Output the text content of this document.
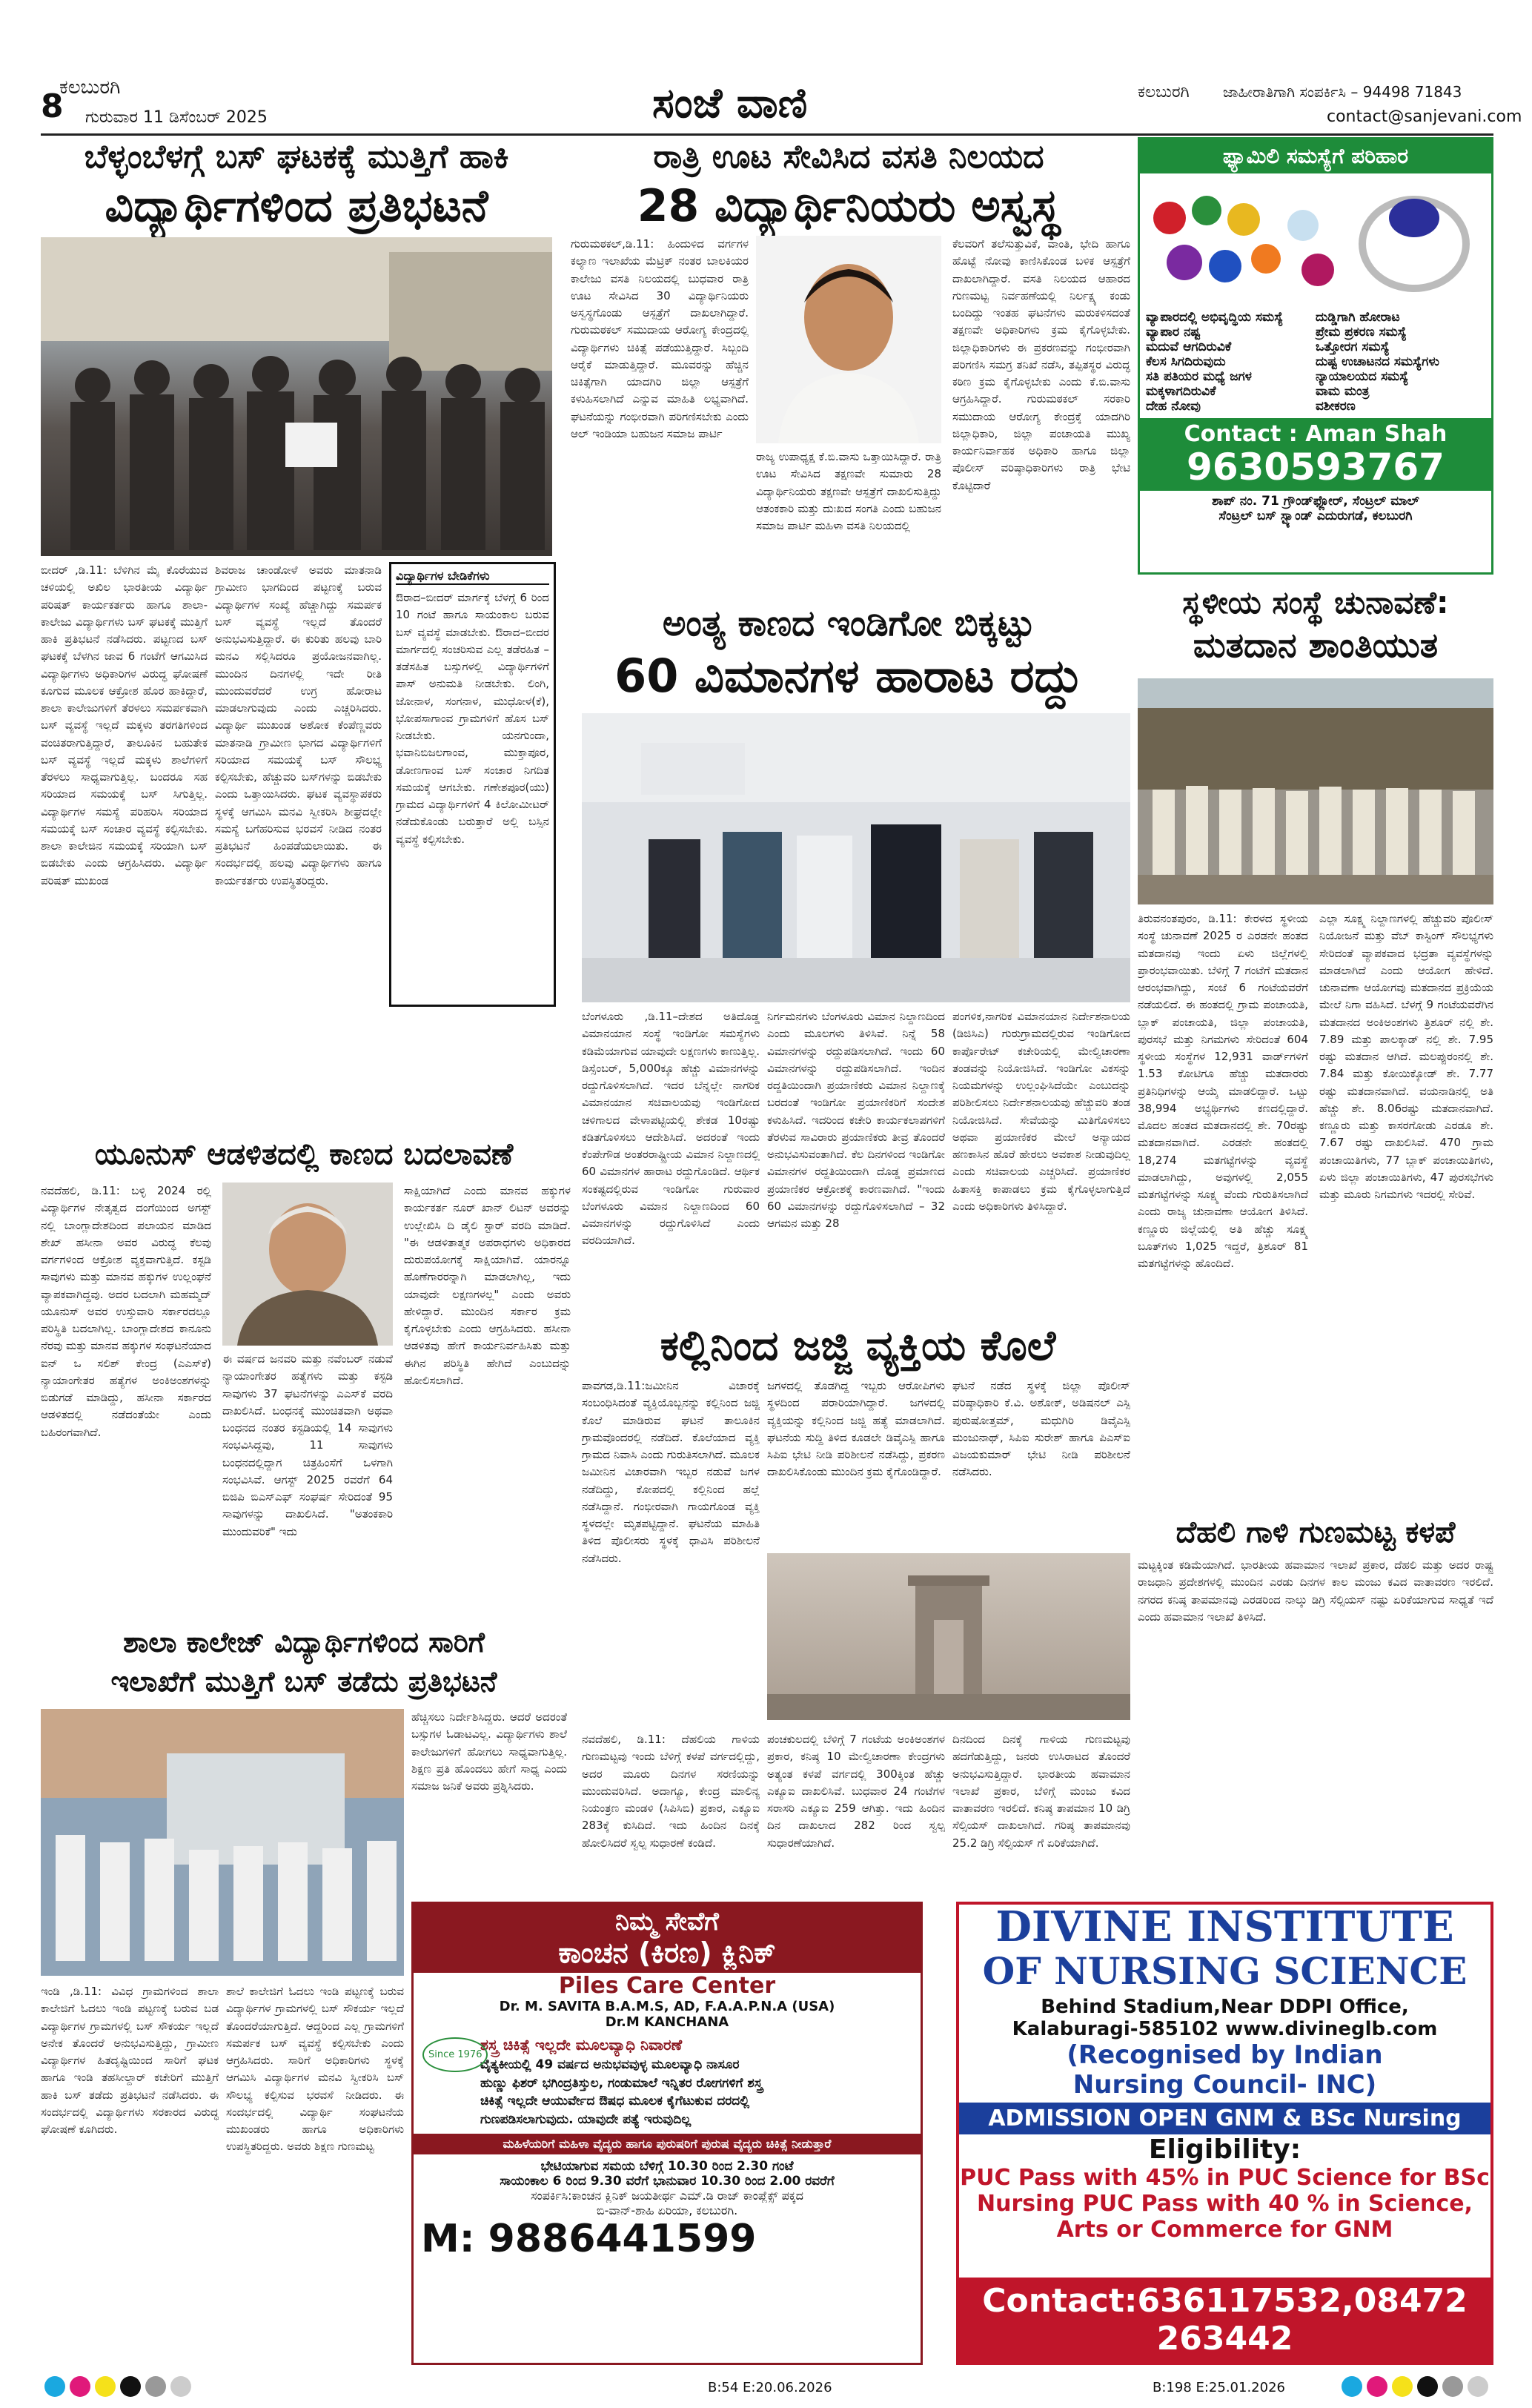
ಕಲಬುರಗಿ
8 ಗುರುವಾರ 11 ಡಿಸೆಂಬರ್ 2025	ಸಂಜೆ ವಾಣಿ	ಕಲಬುರಗಿ ಜಾಹೀರಾತಿಗಾಗಿ ಸಂಪರ್ಕಿಸಿ – 94498 71843
contact@sanjevani.com
ಬೆಳ್ಳಂಬೆಳಗ್ಗೆ ಬಸ್ ಘಟಕಕ್ಕೆ ಮುತ್ತಿಗೆ ಹಾಕಿ
ವಿದ್ಯಾರ್ಥಿಗಳಿಂದ ಪ್ರತಿಭಟನೆ
ಬೀದರ್ ,ಡಿ.11: ಬೆಳಿಗಿನ ಮೈ ಕೊರೆಯುವ ಚಳಿಯಲ್ಲಿ ಅಖಿಲ ಭಾರತೀಯ ವಿದ್ಯಾರ್ಥಿ ಪರಿಷತ್ ಕಾರ್ಯಕರ್ತರು ಹಾಗೂ ಶಾಲಾ- ಕಾಲೇಜು ವಿದ್ಯಾರ್ಥಿಗಳು ಬಸ್ ಘಟಕಕ್ಕೆ ಮುತ್ತಿಗೆ ಹಾಕಿ ಪ್ರತಿಭಟನೆ ನಡೆಸಿದರು. ಪಟ್ಟಣದ ಬಸ್ ಘಟಕಕ್ಕೆ ಬೆಳಗಿನ ಜಾವ 6 ಗಂಟೆಗೆ ಆಗಮಿಸಿದ ವಿದ್ಯಾರ್ಥಿಗಳು ಅಧಿಕಾರಿಗಳ ವಿರುದ್ಧ ಘೋಷಣೆ ಕೂಗುವ ಮೂಲಕ ಆಕ್ರೋಶ ಹೊರ ಹಾಕಿದ್ದಾರೆ, ಶಾಲಾ ಕಾಲೇಜುಗಳಿಗೆ ತೆರಳಲು ಸಮರ್ಪಕವಾಗಿ ಬಸ್ ವ್ಯವಸ್ಥೆ ಇಲ್ಲದೆ ಮಕ್ಕಳು ತರಗತಿಗಳಿಂದ ವಂಚಿತರಾಗುತ್ತಿದ್ದಾರೆ, ತಾಲೂಕಿನ ಬಹುತೇಕ ಬಸ್ ವ್ಯವಸ್ಥೆ ಇಲ್ಲದೆ ಮಕ್ಕಳು ಶಾಲೆಗಳಿಗೆ ತೆರಳಲು ಸಾಧ್ಯವಾಗುತ್ತಿಲ್ಲ. ಬಂದರೂ ಸಹ ಸರಿಯಾದ ಸಮಯಕ್ಕೆ ಬಸ್ ಸಿಗುತ್ತಿಲ್ಲ. ವಿದ್ಯಾರ್ಥಿಗಳ ಸಮಸ್ಯೆ ಪರಿಹರಿಸಿ ಸರಿಯಾದ ಸಮಯಕ್ಕೆ ಬಸ್ ಸಂಚಾರ ವ್ಯವಸ್ಥೆ ಕಲ್ಪಿಸಬೇಕು. ಶಾಲಾ ಕಾಲೇಜಿನ ಸಮಯಕ್ಕೆ ಸರಿಯಾಗಿ ಬಸ್ ಬಿಡಬೇಕು ಎಂದು ಆಗ್ರಹಿಸಿದರು. ವಿದ್ಯಾರ್ಥಿ ಪರಿಷತ್ ಮುಖಂಡ
ಶಿವರಾಜ ಚಾಂಡೋಳೆ ಅವರು ಮಾತನಾಡಿ ಗ್ರಾಮೀಣ ಭಾಗದಿಂದ ಪಟ್ಟಣಕ್ಕೆ ಬರುವ ವಿದ್ಯಾರ್ಥಿಗಳ ಸಂಖ್ಯೆ ಹೆಚ್ಚಾಗಿದ್ದು ಸಮರ್ಪಕ ಬಸ್ ವ್ಯವಸ್ಥೆ ಇಲ್ಲದೆ ತೊಂದರೆ ಅನುಭವಿಸುತ್ತಿದ್ದಾರೆ. ಈ ಕುರಿತು ಹಲವು ಬಾರಿ ಮನವಿ ಸಲ್ಲಿಸಿದರೂ ಪ್ರಯೋಜನವಾಗಿಲ್ಲ. ಮುಂದಿನ ದಿನಗಳಲ್ಲಿ ಇದೇ ರೀತಿ ಮುಂದುವರೆದರೆ ಉಗ್ರ ಹೋರಾಟ ಮಾಡಲಾಗುವುದು ಎಂದು ಎಚ್ಚರಿಸಿದರು. ವಿದ್ಯಾರ್ಥಿ ಮುಖಂಡ ಅಶೋಕ ಕೆಂಪೆಣ್ಣವರು ಮಾತನಾಡಿ ಗ್ರಾಮೀಣ ಭಾಗದ ವಿದ್ಯಾರ್ಥಿಗಳಿಗೆ ಸರಿಯಾದ ಸಮಯಕ್ಕೆ ಬಸ್ ಸೌಲಭ್ಯ ಕಲ್ಪಿಸಬೇಕು, ಹೆಚ್ಚುವರಿ ಬಸ್‌ಗಳನ್ನು ಬಿಡಬೇಕು ಎಂದು ಒತ್ತಾಯಿಸಿದರು. ಘಟಕ ವ್ಯವಸ್ಥಾಪಕರು ಸ್ಥಳಕ್ಕೆ ಆಗಮಿಸಿ ಮನವಿ ಸ್ವೀಕರಿಸಿ ಶೀಘ್ರದಲ್ಲೇ ಸಮಸ್ಯೆ ಬಗೆಹರಿಸುವ ಭರವಸೆ ನೀಡಿದ ನಂತರ ಪ್ರತಿಭಟನೆ ಹಿಂಪಡೆಯಲಾಯಿತು. ಈ ಸಂದರ್ಭದಲ್ಲಿ ಹಲವು ವಿದ್ಯಾರ್ಥಿಗಳು ಹಾಗೂ ಕಾರ್ಯಕರ್ತರು ಉಪಸ್ಥಿತರಿದ್ದರು.
ವಿದ್ಯಾರ್ಥಿಗಳ ಬೇಡಿಕೆಗಳು
ಔರಾದ–ಬೀದರ್ ಮಾರ್ಗಕ್ಕೆ ಬೆಳಗ್ಗೆ 6 ರಿಂದ 10 ಗಂಟೆ ಹಾಗೂ ಸಾಯಂಕಾಲ ಬರುವ ಬಸ್ ವ್ಯವಸ್ಥೆ ಮಾಡಬೇಕು. ಔರಾದ–ಬೀದರ ಮಾರ್ಗದಲ್ಲಿ ಸಂಚರಿಸುವ ಎಲ್ಲ ತಡೆರಹಿತ – ತಡೆಸಹಿತ ಬಸ್ಸುಗಳಲ್ಲಿ ವಿದ್ಯಾರ್ಥಿಗಳಿಗೆ ಪಾಸ್ ಅನುಮತಿ ನೀಡಬೇಕು. ಲಿಂಗಿ, ಜೋನಾಳ, ಸಂಗನಾಳ, ಮುಧೋಳ(ಕೆ), ಭೋಪಸಾಗಾಂವ ಗ್ರಾಮಗಳಿಗೆ ಹೊಸ ಬಸ್ ನೀಡಬೇಕು. ಯನಗುಂದಾ, ಭವಾನಿಬಿಜಲಗಾಂವ, ಮುಕ್ತಾಪೂರ, ಡೋಣಗಾಂವ ಬಸ್ ಸಂಚಾರ ನಿಗದಿತ ಸಮಯಕ್ಕೆ ಆಗಬೇಕು. ಗಣೇಶಪೂರ(ಯು) ಗ್ರಾಮದ ವಿದ್ಯಾರ್ಥಿಗಳಿಗೆ 4 ಕಿಲೋಮೀಟರ್ ನಡೆದುಕೊಂಡು ಬರುತ್ತಾರೆ ಅಲ್ಲಿ ಬಸ್ಸಿನ ವ್ಯವಸ್ಥೆ ಕಲ್ಪಿಸಬೇಕು.
ರಾತ್ರಿ ಊಟ ಸೇವಿಸಿದ ವಸತಿ ನಿಲಯದ
28 ವಿದ್ಯಾರ್ಥಿನಿಯರು ಅಸ್ವಸ್ಥ
ಗುರುಮಠಕಲ್,ಡಿ.11: ಹಿಂದುಳಿದ ವರ್ಗಗಳ ಕಲ್ಯಾಣ ಇಲಾಖೆಯ ಮೆಟ್ರಿಕ್ ನಂತರ ಬಾಲಕಿಯರ ಕಾಲೇಜು ವಸತಿ ನಿಲಯದಲ್ಲಿ ಬುಧವಾರ ರಾತ್ರಿ ಊಟ ಸೇವಿಸಿದ 30 ವಿದ್ಯಾರ್ಥಿನಿಯರು ಅಸ್ವಸ್ಥಗೊಂಡು ಆಸ್ಪತ್ರೆಗೆ ದಾಖಲಾಗಿದ್ದಾರೆ. ಗುರುಮಠಕಲ್ ಸಮುದಾಯ ಆರೋಗ್ಯ ಕೇಂದ್ರದಲ್ಲಿ ವಿದ್ಯಾರ್ಥಿಗಳು ಚಿಕಿತ್ಸೆ ಪಡೆಯುತ್ತಿದ್ದಾರೆ. ಸಿಬ್ಬಂದಿ ಆರೈಕೆ ಮಾಡುತ್ತಿದ್ದಾರೆ. ಮೂವರನ್ನು ಹೆಚ್ಚಿನ ಚಿಕಿತ್ಸೆಗಾಗಿ ಯಾದಗಿರಿ ಜಿಲ್ಲಾ ಆಸ್ಪತ್ರೆಗೆ ಕಳುಹಿಸಲಾಗಿದೆ ಎನ್ನುವ ಮಾಹಿತಿ ಲಭ್ಯವಾಗಿದೆ. ಘಟನೆಯನ್ನು ಗಂಭೀರವಾಗಿ ಪರಿಗಣಿಸಬೇಕು ಎಂದು ಆಲ್ ಇಂಡಿಯಾ ಬಹುಜನ ಸಮಾಜ ಪಾರ್ಟಿ
ರಾಜ್ಯ ಉಪಾಧ್ಯಕ್ಷ ಕೆ.ಬಿ.ವಾಸು ಒತ್ತಾಯಿಸಿದ್ದಾರೆ. ರಾತ್ರಿ ಊಟ ಸೇವಿಸಿದ ತಕ್ಷಣವೇ ಸುಮಾರು 28 ವಿದ್ಯಾರ್ಥಿನಿಯರು ತಕ್ಷಣವೇ ಆಸ್ಪತ್ರೆಗೆ ದಾಖಲಿಸುತ್ತಿದ್ದು ಆತಂಕಕಾರಿ ಮತ್ತು ದುಃಖದ ಸಂಗತಿ ಎಂದು ಬಹುಜನ ಸಮಾಜ ಪಾರ್ಟಿ ಮಹಿಳಾ ವಸತಿ ನಿಲಯದಲ್ಲಿ
ಕೆಲವರಿಗೆ ತಲೆಸುತ್ತುವಿಕೆ, ವಾಂತಿ, ಭೇದಿ ಹಾಗೂ ಹೊಟ್ಟೆ ನೋವು ಕಾಣಿಸಿಕೊಂಡ ಬಳಿಕ ಆಸ್ಪತ್ರೆಗೆ ದಾಖಲಾಗಿದ್ದಾರೆ. ವಸತಿ ನಿಲಯದ ಆಹಾರದ ಗುಣಮಟ್ಟ ನಿರ್ವಹಣೆಯಲ್ಲಿ ನಿರ್ಲಕ್ಷ್ಯ ಕಂಡು ಬಂದಿದ್ದು ಇಂತಹ ಘಟನೆಗಳು ಮರುಕಳಿಸದಂತೆ ತಕ್ಷಣವೇ ಅಧಿಕಾರಿಗಳು ಕ್ರಮ ಕೈಗೊಳ್ಳಬೇಕು. ಜಿಲ್ಲಾಧಿಕಾರಿಗಳು ಈ ಪ್ರಕರಣವನ್ನು ಗಂಭೀರವಾಗಿ ಪರಿಗಣಿಸಿ ಸಮಗ್ರ ತನಿಖೆ ನಡೆಸಿ, ತಪ್ಪಿತಸ್ಥರ ವಿರುದ್ಧ ಕಠಿಣ ಕ್ರಮ ಕೈಗೊಳ್ಳಬೇಕು ಎಂದು ಕೆ.ಬಿ.ವಾಸು ಆಗ್ರಹಿಸಿದ್ದಾರೆ. ಗುರುಮಠಕಲ್ ಸರಕಾರಿ ಸಮುದಾಯ ಆರೋಗ್ಯ ಕೇಂದ್ರಕ್ಕೆ ಯಾದಗಿರಿ ಜಿಲ್ಲಾಧಿಕಾರಿ, ಜಿಲ್ಲಾ ಪಂಚಾಯತಿ ಮುಖ್ಯ ಕಾರ್ಯನಿರ್ವಾಹಕ ಅಧಿಕಾರಿ ಹಾಗೂ ಜಿಲ್ಲಾ ಪೊಲೀಸ್ ವರಿಷ್ಠಾಧಿಕಾರಿಗಳು ರಾತ್ರಿ ಭೇಟಿ ಕೊಟ್ಟಿದಾರೆ
ಫ್ಯಾಮಿಲಿ ಸಮಸ್ಯೆಗೆ ಪರಿಹಾರ
ವ್ಯಾಪಾರದಲ್ಲಿ ಅಭಿವೃದ್ಧಿಯ ಸಮಸ್ಯೆ
ವ್ಯಾಪಾರ ನಷ್ಟ
ಮದುವೆ ಆಗದಿರುವಿಕೆ
ಕೆಲಸ ಸಿಗದಿರುವುದು
ಸತಿ ಪತಿಯರ ಮಧ್ಯೆ ಜಗಳ
ಮಕ್ಕಳಾಗದಿರುವಿಕೆ
ದೇಹ ನೋವು
ದುಡ್ಡಿಗಾಗಿ ಹೋರಾಟ
ಪ್ರೇಮ ಪ್ರಕರಣ ಸಮಸ್ಯೆ
ಒತ್ತೋರಗ ಸಮಸ್ಯೆ
ದುಷ್ಟ ಉಚಾಟನದ ಸಮಸ್ಯೆಗಳು
ನ್ಯಾಯಾಲಯದ ಸಮಸ್ಯೆ
ವಾಮ ಮಂತ್ರ
ವಶೀಕರಣ
Contact : Aman Shah
9630593767
ಶಾಪ್ ನಂ. 71 ಗ್ರೌಂಡ್‌ಫ್ಲೋರ್, ಸೆಂಟ್ರಲ್ ಮಾಲ್
ಸೆಂಟ್ರಲ್ ಬಸ್ ಸ್ಟ್ಯಾಂಡ್ ಎದುರುಗಡೆ, ಕಲಬುರಗಿ
ಅಂತ್ಯ ಕಾಣದ ಇಂಡಿಗೋ ಬಿಕ್ಕಟ್ಟು
60 ವಿಮಾನಗಳ ಹಾರಾಟ ರದ್ದು
ಬೆಂಗಳೂರು ,ಡಿ.11–ದೇಶದ ಅತಿದೊಡ್ಡ ವಿಮಾನಯಾನ ಸಂಸ್ಥೆ ಇಂಡಿಗೋ ಸಮಸ್ಯೆಗಳು ಕಡಿಮೆಯಾಗುವ ಯಾವುದೇ ಲಕ್ಷಣಗಳು ಕಾಣುತ್ತಿಲ್ಲ. ಡಿಸ್ಸೆಂಬರ್, 5,000ಕ್ಕೂ ಹೆಚ್ಚು ವಿಮಾನಗಳನ್ನು ರದ್ದುಗೊಳಿಸಲಾಗಿದೆ. ಇದರ ಬೆನ್ನಲ್ಲೇ ನಾಗರಿಕ ವಿಮಾನಯಾನ ಸಚಿವಾಲಯವು ಇಂಡಿಗೋದ ಚಳಿಗಾಲದ ವೇಳಾಪಟ್ಟಿಯಲ್ಲಿ ಶೇಕಡ 10ರಷ್ಟು ಕಡಿತಗೊಳಿಸಲು ಆದೇಶಿಸಿದೆ. ಅದರಂತೆ ಇಂದು ಕೆಂಪೇಗೌಡ ಅಂತರರಾಷ್ಟ್ರೀಯ ವಿಮಾನ ನಿಲ್ದಾಣದಲ್ಲಿ 60 ವಿಮಾನಗಳ ಹಾರಾಟ ರದ್ದುಗೊಂಡಿದೆ. ಆರ್ಥಿಕ ಸಂಕಷ್ಟದಲ್ಲಿರುವ ಇಂಡಿಗೋ ಗುರುವಾರ ಬೆಂಗಳೂರು ವಿಮಾನ ನಿಲ್ದಾಣದಿಂದ 60 ವಿಮಾನಗಳನ್ನು ರದ್ದುಗೊಳಿಸಿದೆ ಎಂದು ವರದಿಯಾಗಿದೆ.
ನಿರ್ಗಮನಗಳು ಬೆಂಗಳೂರು ವಿಮಾನ ನಿಲ್ದಾಣದಿಂದ ಎಂದು ಮೂಲಗಳು ತಿಳಿಸಿವೆ. ನಿನ್ನೆ 58 ವಿಮಾನಗಳನ್ನು ರದ್ದುಪಡಿಸಲಾಗಿದೆ. ಇಂದು 60 ವಿಮಾನಗಳನ್ನು ರದ್ದುಪಡಿಸಲಾಗಿದೆ. ಇಂದಿನ ರದ್ದತಿಯಿಂದಾಗಿ ಪ್ರಯಾಣಿಕರು ವಿಮಾನ ನಿಲ್ದಾಣಕ್ಕೆ ಬರದಂತೆ ಇಂಡಿಗೋ ಪ್ರಯಾಣಿಕರಿಗೆ ಸಂದೇಶ ಕಳುಹಿಸಿದೆ. ಇದರಿಂದ ಕಚೇರಿ ಕಾರ್ಯಕಲಾಪಗಳಿಗೆ ತೆರಳುವ ಸಾವಿರಾರು ಪ್ರಯಾಣಿಕರು ತೀವ್ರ ತೊಂದರೆ ಅನುಭವಿಸುವಂತಾಗಿದೆ. ಕೆಲ ದಿನಗಳಿಂದ ಇಂಡಿಗೋ ವಿಮಾನಗಳ ರದ್ದತಿಯಿಂದಾಗಿ ದೊಡ್ಡ ಪ್ರಮಾಣದ ಪ್ರಯಾಣಿಕರ ಆಕ್ರೋಶಕ್ಕೆ ಕಾರಣವಾಗಿದೆ. "ಇಂದು 60 ವಿಮಾನಗಳನ್ನು ರದ್ದುಗೊಳಿಸಲಾಗಿದೆ – 32 ಆಗಮನ ಮತ್ತು 28
ಪಂಗಳಿಕ,ನಾಗರಿಕ ವಿಮಾನಯಾನ ನಿರ್ದೇಶನಾಲಯ (ಡಿಜಿಸಿಎ) ಗುರುಗ್ರಾಮದಲ್ಲಿರುವ ಇಂಡಿಗೋದ ಕಾರ್ಪೊರೇಟ್ ಕಚೇರಿಯಲ್ಲಿ ಮೇಲ್ವಿಚಾರಣಾ ತಂಡವನ್ನು ನಿಯೋಜಿಸಿದೆ. ಇಂಡಿಗೋ ವಿಕಸನ್ನು ನಿಯಮಗಳನ್ನು ಉಲ್ಲಂಘಿಸಿದೆಯೇ ಎಂಬುದನ್ನು ಪರಿಶೀಲಿಸಲು ನಿರ್ದೇಶನಾಲಯವು ಹೆಚ್ಚುವರಿ ತಂಡ ನಿಯೋಜಿಸಿದೆ. ಸೇವೆಯನ್ನು ಮಿತಿಗೊಳಿಸಲು ಅಥವಾ ಪ್ರಯಾಣಿಕರ ಮೇಲೆ ಅನ್ಯಾಯದ ಹಣಕಾಸಿನ ಹೊರೆ ಹೇರಲು ಅವಕಾಶ ನೀಡುವುದಿಲ್ಲ ಎಂದು ಸಚಿವಾಲಯ ಎಚ್ಚರಿಸಿದೆ. ಪ್ರಯಾಣಿಕರ ಹಿತಾಸಕ್ತಿ ಕಾಪಾಡಲು ಕ್ರಮ ಕೈಗೊಳ್ಳಲಾಗುತ್ತಿದೆ ಎಂದು ಅಧಿಕಾರಿಗಳು ತಿಳಿಸಿದ್ದಾರೆ.
ಸ್ಥಳೀಯ ಸಂಸ್ಥೆ ಚುನಾವಣೆ:
ಮತದಾನ ಶಾಂತಿಯುತ
ತಿರುವನಂತಪುರಂ, ಡಿ.11: ಕೇರಳದ ಸ್ಥಳೀಯ ಸಂಸ್ಥೆ ಚುನಾವಣೆ 2025 ರ ಎರಡನೇ ಹಂತದ ಮತದಾನವು ಇಂದು ಏಳು ಜಿಲ್ಲೆಗಳಲ್ಲಿ ಪ್ರಾರಂಭವಾಯಿತು. ಬೆಳಿಗ್ಗೆ 7 ಗಂಟೆಗೆ ಮತದಾನ ಆರಂಭವಾಗಿದ್ದು, ಸಂಜೆ 6 ಗಂಟೆಯವರೆಗೆ ನಡೆಯಲಿದೆ. ಈ ಹಂತದಲ್ಲಿ ಗ್ರಾಮ ಪಂಚಾಯತಿ, ಬ್ಲಾಕ್ ಪಂಚಾಯತಿ, ಜಿಲ್ಲಾ ಪಂಚಾಯತಿ, ಪುರಸಭೆ ಮತ್ತು ನಿಗಮಗಳು ಸೇರಿದಂತೆ 604 ಸ್ಥಳೀಯ ಸಂಸ್ಥೆಗಳ 12,931 ವಾರ್ಡ್‌ಗಳಿಗೆ 1.53 ಕೋಟಿಗೂ ಹೆಚ್ಚು ಮತದಾರರು ಪ್ರತಿನಿಧಿಗಳನ್ನು ಆಯ್ಕೆ ಮಾಡಲಿದ್ದಾರೆ. ಒಟ್ಟು 38,994 ಅಭ್ಯರ್ಥಿಗಳು ಕಣದಲ್ಲಿದ್ದಾರೆ. ಮೊದಲ ಹಂತದ ಮತದಾನದಲ್ಲಿ ಶೇ. 70ರಷ್ಟು ಮತದಾನವಾಗಿದೆ. ಎರಡನೇ ಹಂತದಲ್ಲಿ 18,274 ಮತಗಟ್ಟೆಗಳನ್ನು ವ್ಯವಸ್ಥೆ ಮಾಡಲಾಗಿದ್ದು, ಅವುಗಳಲ್ಲಿ 2,055 ಮತಗಟ್ಟೆಗಳನ್ನು ಸೂಕ್ಷ್ಮ ವೆಂದು ಗುರುತಿಸಲಾಗಿದೆ ಎಂದು ರಾಜ್ಯ ಚುನಾವಣಾ ಆಯೋಗ ತಿಳಿಸಿದೆ. ಕಣ್ಣೂರು ಜಿಲ್ಲೆಯಲ್ಲಿ ಅತಿ ಹೆಚ್ಚು ಸೂಕ್ಷ್ಮ ಬೂತ್‌ಗಳು 1,025 ಇದ್ದರೆ, ತ್ರಿಶೂರ್ 81 ಮತಗಟ್ಟೆಗಳನ್ನು ಹೊಂದಿದೆ.
ಎಲ್ಲಾ ಸೂಕ್ಷ್ಮ ನಿಲ್ದಾಣಗಳಲ್ಲಿ ಹೆಚ್ಚುವರಿ ಪೊಲೀಸ್ ನಿಯೋಜನೆ ಮತ್ತು ವೆಬ್ ಕಾಸ್ಟಿಂಗ್ ಸೌಲಭ್ಯಗಳು ಸೇರಿದಂತೆ ವ್ಯಾಪಕವಾದ ಭದ್ರತಾ ವ್ಯವಸ್ಥೆಗಳನ್ನು ಮಾಡಲಾಗಿದೆ ಎಂದು ಆಯೋಗ ಹೇಳಿದೆ. ಚುನಾವಣಾ ಆಯೋಗವು ಮತದಾನದ ಪ್ರಕ್ರಿಯೆಯ ಮೇಲೆ ನಿಗಾ ವಹಿಸಿದೆ. ಬೆಳಗ್ಗೆ 9 ಗಂಟೆಯವರೆಗಿನ ಮತದಾನದ ಅಂಕಿಅಂಶಗಳು ತ್ರಿಶೂರ್ ನಲ್ಲಿ ಶೇ. 7.89 ಮತ್ತು ಪಾಲಕ್ಕಾಡ್ ನಲ್ಲಿ ಶೇ. 7.95 ರಷ್ಟು ಮತದಾನ ಆಗಿದೆ. ಮಲಪ್ಪುರಂನಲ್ಲಿ ಶೇ. 7.84 ಮತ್ತು ಕೋಯಿಕ್ಕೋಡ್ ಶೇ. 7.77 ರಷ್ಟು ಮತದಾನವಾಗಿದೆ. ವಯನಾಡಿನಲ್ಲಿ ಅತಿ ಹೆಚ್ಚು ಶೇ. 8.06ರಷ್ಟು ಮತದಾನವಾಗಿದೆ. ಕಣ್ಣೂರು ಮತ್ತು ಕಾಸರಗೋಡು ಎರಡೂ ಶೇ. 7.67 ರಷ್ಟು ದಾಖಲಿಸಿವೆ. 470 ಗ್ರಾಮ ಪಂಚಾಯಿತಿಗಳು, 77 ಬ್ಲಾಕ್ ಪಂಚಾಯಿತಿಗಳು, ಏಳು ಜಿಲ್ಲಾ ಪಂಚಾಯಿತಿಗಳು, 47 ಪುರಸಭೆಗಳು ಮತ್ತು ಮೂರು ನಿಗಮಗಳು ಇದರಲ್ಲಿ ಸೇರಿವೆ.
ಯೂನುಸ್ ಆಡಳಿತದಲ್ಲಿ ಕಾಣದ ಬದಲಾವಣೆ
ನವದೆಹಲಿ, ಡಿ.11: ಬಳ್ಳಿ 2024 ರಲ್ಲಿ ವಿದ್ಯಾರ್ಥಿಗಳ ನೇತೃತ್ವದ ದಂಗೆಯಿಂದ ಅಗಸ್ಟ್ ನಲ್ಲಿ ಬಾಂಗ್ಲಾದೇಶದಿಂದ ಪಲಾಯನ ಮಾಡಿದ ಶೇಖ್ ಹಸೀನಾ ಅವರ ವಿರುದ್ಧ ಕೆಲವು ವರ್ಗಗಳಿಂದ ಆಕ್ರೋಶ ವ್ಯಕ್ತವಾಗುತ್ತಿದೆ. ಕಸ್ಟಡಿ ಸಾವುಗಳು ಮತ್ತು ಮಾನವ ಹಕ್ಕುಗಳ ಉಲ್ಲಂಘನೆ ವ್ಯಾಪಕವಾಗಿದ್ದವು. ಅದರ ಬದಲಾಗಿ ಮಹಮ್ಮದ್ ಯೂನುಸ್ ಅವರ ಉಸ್ತುವಾರಿ ಸರ್ಕಾರದಲ್ಲೂ ಪರಿಸ್ಥಿತಿ ಬದಲಾಗಿಲ್ಲ. ಬಾಂಗ್ಲಾದೇಶದ ಕಾನೂನು ನೆರವು ಮತ್ತು ಮಾನವ ಹಕ್ಕುಗಳ ಸಂಘಟನೆಯಾದ ಐನ್ ಒ ಸಲಿಶ್ ಕೇಂದ್ರ (ಎಎಸ್‌ಕೆ) ನ್ಯಾಯಾಂಗೇತರ ಹತ್ಯೆಗಳ ಅಂಕಿಅಂಶಗಳನ್ನು ಬಿಡುಗಡೆ ಮಾಡಿದ್ದು, ಹಸೀನಾ ಸರ್ಕಾರದ ಆಡಳಿತದಲ್ಲಿ ನಡೆದಂತೆಯೇ ಎಂದು ಬಹಿರಂಗವಾಗಿದೆ.
ಈ ವರ್ಷದ ಜನವರಿ ಮತ್ತು ನವೆಂಬರ್ ನಡುವೆ ನ್ಯಾಯಾಂಗೇತರ ಹತ್ಯೆಗಳು ಮತ್ತು ಕಸ್ಟಡಿ ಸಾವುಗಳು 37 ಘಟನೆಗಳನ್ನು ಎಎಸ್‌ಕೆ ವರದಿ ದಾಖಲಿಸಿದೆ. ಬಂಧನಕ್ಕೆ ಮುಂಚಿತವಾಗಿ ಅಥವಾ ಬಂಧನದ ನಂತರ ಕಸ್ಟಡಿಯಲ್ಲಿ 14 ಸಾವುಗಳು ಸಂಭವಿಸಿದ್ದವು, 11 ಸಾವುಗಳು ಬಂಧನದಲ್ಲಿದ್ದಾಗ ಚಿತ್ರಹಿಂಸೆಗೆ ಒಳಗಾಗಿ ಸಂಭವಿಸಿವೆ. ಆಗಸ್ಟ್ 2025 ರವರೆಗೆ 64 ಬಿಜಿಪಿ ಬಿಎಸ್‌ಎಫ್ ಸಂಘರ್ಷ ಸೇರಿದಂತೆ 95 ಸಾವುಗಳನ್ನು ದಾಖಲಿಸಿದೆ. "ಅತಂಕಕಾರಿ ಮುಂದುವರಿಕೆ" ಇದು
ಸಾಕ್ಷಿಯಾಗಿದೆ ಎಂದು ಮಾನವ ಹಕ್ಕುಗಳ ಕಾರ್ಯಕರ್ತ ನೂರ್ ಖಾನ್ ಲಿಟನ್ ಅವರನ್ನು ಉಲ್ಲೇಖಿಸಿ ದಿ ಡೈಲಿ ಸ್ಟಾರ್ ವರದಿ ಮಾಡಿದೆ. "ಈ ಆಡಳಿತಾತ್ಮಕ ಅಪರಾಧಗಳು ಅಧಿಕಾರದ ದುರುಪಯೋಗಕ್ಕೆ ಸಾಕ್ಷಿಯಾಗಿವೆ. ಯಾರನ್ನೂ ಹೊಣೆಗಾರರನ್ನಾಗಿ ಮಾಡಲಾಗಿಲ್ಲ, ಇದು ಯಾವುದೇ ಲಕ್ಷಣಗಳಲ್ಲ" ಎಂದು ಅವರು ಹೇಳಿದ್ದಾರೆ. ಮುಂದಿನ ಸರ್ಕಾರ ಕ್ರಮ ಕೈಗೊಳ್ಳಬೇಕು ಎಂದು ಆಗ್ರಹಿಸಿದರು. ಹಸೀನಾ ಆಡಳಿತವು ಹೇಗೆ ಕಾರ್ಯನಿರ್ವಹಿಸಿತು ಮತ್ತು ಈಗಿನ ಪರಿಸ್ಥಿತಿ ಹೇಗಿದೆ ಎಂಬುದನ್ನು ಹೋಲಿಸಲಾಗಿದೆ.
ಕಲ್ಲಿನಿಂದ ಜಜ್ಜಿ ವ್ಯಕ್ತಿಯ ಕೊಲೆ
ಪಾವಗಡ,ಡಿ.11:ಜಮೀನಿನ ವಿಚಾರಕ್ಕೆ ಸಂಬಂಧಿಸಿದಂತೆ ವ್ಯಕ್ತಿಯೊಬ್ಬನನ್ನು ಕಲ್ಲಿನಿಂದ ಜಜ್ಜಿ ಕೊಲೆ ಮಾಡಿರುವ ಘಟನೆ ತಾಲೂಕಿನ ಗ್ರಾಮವೊಂದರಲ್ಲಿ ನಡೆದಿದೆ. ಕೊಲೆಯಾದ ವ್ಯಕ್ತಿ ಗ್ರಾಮದ ನಿವಾಸಿ ಎಂದು ಗುರುತಿಸಲಾಗಿದೆ. ಮೂಲಕ ಜಮೀನಿನ ವಿಚಾರವಾಗಿ ಇಬ್ಬರ ನಡುವೆ ಜಗಳ ನಡೆದಿದ್ದು, ಕೋಪದಲ್ಲಿ ಕಲ್ಲಿನಿಂದ ಹಲ್ಲೆ ನಡೆಸಿದ್ದಾನೆ. ಗಂಭೀರವಾಗಿ ಗಾಯಗೊಂಡ ವ್ಯಕ್ತಿ ಸ್ಥಳದಲ್ಲೇ ಮೃತಪಟ್ಟಿದ್ದಾನೆ. ಘಟನೆಯ ಮಾಹಿತಿ ತಿಳಿದ ಪೊಲೀಸರು ಸ್ಥಳಕ್ಕೆ ಧಾವಿಸಿ ಪರಿಶೀಲನೆ ನಡೆಸಿದರು.
ಜಗಳದಲ್ಲಿ ತೊಡಗಿದ್ದ ಇಬ್ಬರು ಆರೋಪಿಗಳು ಸ್ಥಳದಿಂದ ಪರಾರಿಯಾಗಿದ್ದಾರೆ. ಜಗಳದಲ್ಲಿ ವ್ಯಕ್ತಿಯನ್ನು ಕಲ್ಲಿನಿಂದ ಜಜ್ಜಿ ಹತ್ಯೆ ಮಾಡಲಾಗಿದೆ. ಘಟನೆಯ ಸುದ್ದಿ ತಿಳಿದ ಕೂಡಲೇ ಡಿವೈಎಸ್ಪಿ ಹಾಗೂ ಸಿಪಿಐ ಭೇಟಿ ನೀಡಿ ಪರಿಶೀಲನೆ ನಡೆಸಿದ್ದು, ಪ್ರಕರಣ ದಾಖಲಿಸಿಕೊಂಡು ಮುಂದಿನ ಕ್ರಮ ಕೈಗೊಂಡಿದ್ದಾರೆ.
ಘಟನೆ ನಡೆದ ಸ್ಥಳಕ್ಕೆ ಜಿಲ್ಲಾ ಪೊಲೀಸ್ ವರಿಷ್ಠಾಧಿಕಾರಿ ಕೆ.ವಿ. ಅಶೋಕ್, ಅಡಿಷನಲ್ ಎಸ್ಪಿ ಪುರುಷೋತ್ತಮ್, ಮಧುಗಿರಿ ಡಿವೈಎಸ್ಪಿ ಮಂಜುನಾಥ್, ಸಿಪಿಐ ಸುರೇಶ್ ಹಾಗೂ ಪಿಎಸ್‌ಐ ವಿಜಯಕುಮಾರ್ ಭೇಟಿ ನೀಡಿ ಪರಿಶೀಲನೆ ನಡೆಸಿದರು.
ದೆಹಲಿ ಗಾಳಿ ಗುಣಮಟ್ಟ ಕಳಪೆ
ನವದೆಹಲಿ, ಡಿ.11: ದೆಹಲಿಯ ಗಾಳಿಯ ಗುಣಮಟ್ಟವು ಇಂದು ಬೆಳಿಗ್ಗೆ ಕಳಪೆ ವರ್ಗದಲ್ಲಿದ್ದು, ಅದರ ಮೂರು ದಿನಗಳ ಸರಣಿಯನ್ನು ಮುಂದುವರಿಸಿದೆ. ಅದಾಗ್ಯೂ, ಕೇಂದ್ರ ಮಾಲಿನ್ಯ ನಿಯಂತ್ರಣ ಮಂಡಳಿ (ಸಿಪಿಸಿಬಿ) ಪ್ರಕಾರ, ಎಕ್ಯೂಐ 283ಕ್ಕೆ ಕುಸಿದಿದೆ. ಇದು ಹಿಂದಿನ ದಿನಕ್ಕೆ ಹೋಲಿಸಿದರೆ ಸ್ವಲ್ಪ ಸುಧಾರಣೆ ಕಂಡಿದೆ.
ಪಂಚಕುಲದಲ್ಲಿ ಬೆಳಿಗ್ಗೆ 7 ಗಂಟೆಯ ಅಂಕಿಅಂಶಗಳ ಪ್ರಕಾರ, ಕನಿಷ್ಠ 10 ಮೇಲ್ವಿಚಾರಣಾ ಕೇಂದ್ರಗಳು ಅತ್ಯಂತ ಕಳಪೆ ವರ್ಗದಲ್ಲಿ 300ಕ್ಕಿಂತ ಹೆಚ್ಚು ಎಕ್ಯೂಐ ದಾಖಲಿಸಿವೆ. ಬುಧವಾರ 24 ಗಂಟೆಗಳ ಸರಾಸರಿ ಎಕ್ಯೂಐ 259 ಆಗಿತ್ತು. ಇದು ಹಿಂದಿನ ದಿನ ದಾಖಲಾದ 282 ರಿಂದ ಸ್ವಲ್ಪ ಸುಧಾರಣೆಯಾಗಿದೆ.
ದಿನದಿಂದ ದಿನಕ್ಕೆ ಗಾಳಿಯ ಗುಣಮಟ್ಟವು ಹದಗೆಡುತ್ತಿದ್ದು, ಜನರು ಉಸಿರಾಟದ ತೊಂದರೆ ಅನುಭವಿಸುತ್ತಿದ್ದಾರೆ. ಭಾರತೀಯ ಹವಾಮಾನ ಇಲಾಖೆ ಪ್ರಕಾರ, ಬೆಳಿಗ್ಗೆ ಮಂಜು ಕವಿದ ವಾತಾವರಣ ಇರಲಿದೆ. ಕನಿಷ್ಠ ತಾಪಮಾನ 10 ಡಿಗ್ರಿ ಸೆಲ್ಸಿಯಸ್ ದಾಖಲಾಗಿದೆ. ಗರಿಷ್ಠ ತಾಪಮಾನವು 25.2 ಡಿಗ್ರಿ ಸೆಲ್ಸಿಯಸ್ ಗೆ ಏರಿಕೆಯಾಗಿದೆ.
ಮಟ್ಟಕ್ಕಿಂತ ಕಡಿಮೆಯಾಗಿದೆ. ಭಾರತೀಯ ಹವಾಮಾನ ಇಲಾಖೆ ಪ್ರಕಾರ, ದೆಹಲಿ ಮತ್ತು ಅದರ ರಾಷ್ಟ್ರ ರಾಜಧಾನಿ ಪ್ರದೇಶಗಳಲ್ಲಿ ಮುಂದಿನ ಎರಡು ದಿನಗಳ ಕಾಲ ಮಂಜು ಕವಿದ ವಾತಾವರಣ ಇರಲಿದೆ. ನಗರದ ಕನಿಷ್ಠ ತಾಪಮಾನವು ಎರಡರಿಂದ ನಾಲ್ಕು ಡಿಗ್ರಿ ಸೆಲ್ಸಿಯಸ್ ನಷ್ಟು ಏರಿಕೆಯಾಗುವ ಸಾಧ್ಯತೆ ಇದೆ ಎಂದು ಹವಾಮಾನ ಇಲಾಖೆ ತಿಳಿಸಿದೆ.
ಶಾಲಾ ಕಾಲೇಜ್ ವಿದ್ಯಾರ್ಥಿಗಳಿಂದ ಸಾರಿಗೆ
ಇಲಾಖೆಗೆ ಮುತ್ತಿಗೆ ಬಸ್ ತಡೆದು ಪ್ರತಿಭಟನೆ
ಹೆಚ್ಚಿಸಲು ನಿರ್ದೇಶಿಸಿದ್ದರು. ಆದರೆ ಅದರಂತೆ ಬಸ್ಸುಗಳ ಓಡಾಟವಿಲ್ಲ. ವಿದ್ಯಾರ್ಥಿಗಳು ಶಾಲೆ ಕಾಲೇಜುಗಳಿಗೆ ಹೋಗಲು ಸಾಧ್ಯವಾಗುತ್ತಿಲ್ಲ. ಶಿಕ್ಷಣ ಪ್ರತಿ ಹೊಂದಲು ಹೇಗೆ ಸಾಧ್ಯ ಎಂದು ಸಮಾಜ ಜನಿಕೆ ಅವರು ಪ್ರಶ್ನಿಸಿದರು.
ಇಂಡಿ ,ಡಿ.11: ವಿವಿಧ ಗ್ರಾಮಗಳಿಂದ ಶಾಲಾ ಕಾಲೇಜಿಗೆ ಓದಲು ಇಂಡಿ ಪಟ್ಟಣಕ್ಕೆ ಬರುವ ಬಡ ವಿದ್ಯಾರ್ಥಿಗಳ ಗ್ರಾಮಗಳಲ್ಲಿ ಬಸ್ ಸೌಕರ್ಯ ಇಲ್ಲದೆ ಅನೇಕ ತೊಂದರೆ ಅನುಭವಿಸುತ್ತಿದ್ದು, ಗ್ರಾಮೀಣ ವಿದ್ಯಾರ್ಥಿಗಳ ಹಿತದೃಷ್ಟಿಯಿಂದ ಸಾರಿಗೆ ಘಟಕ ಹಾಗೂ ಇಂಡಿ ತಹಸೀಲ್ದಾರ್ ಕಚೇರಿಗೆ ಮುತ್ತಿಗೆ ಹಾಕಿ ಬಸ್ ತಡೆದು ಪ್ರತಿಭಟನೆ ನಡೆಸಿದರು. ಈ ಸಂದರ್ಭದಲ್ಲಿ ವಿದ್ಯಾರ್ಥಿಗಳು ಸರಕಾರದ ವಿರುದ್ಧ ಘೋಷಣೆ ಕೂಗಿದರು.
ಶಾಲೆ ಕಾಲೇಜಿಗೆ ಓದಲು ಇಂಡಿ ಪಟ್ಟಣಕ್ಕೆ ಬರುವ ವಿದ್ಯಾರ್ಥಿಗಳ ಗ್ರಾಮಗಳಲ್ಲಿ ಬಸ್ ಸೌಕರ್ಯ ಇಲ್ಲದೆ ತೊಂದರೆಯಾಗುತ್ತಿದೆ. ಆದ್ದರಿಂದ ಎಲ್ಲ ಗ್ರಾಮಗಳಿಗೆ ಸಮರ್ಪಕ ಬಸ್ ವ್ಯವಸ್ಥೆ ಕಲ್ಪಿಸಬೇಕು ಎಂದು ಆಗ್ರಹಿಸಿದರು. ಸಾರಿಗೆ ಅಧಿಕಾರಿಗಳು ಸ್ಥಳಕ್ಕೆ ಆಗಮಿಸಿ ವಿದ್ಯಾರ್ಥಿಗಳ ಮನವಿ ಸ್ವೀಕರಿಸಿ ಬಸ್ ಸೌಲಭ್ಯ ಕಲ್ಪಿಸುವ ಭರವಸೆ ನೀಡಿದರು. ಈ ಸಂದರ್ಭದಲ್ಲಿ ವಿದ್ಯಾರ್ಥಿ ಸಂಘಟನೆಯ ಮುಖಂಡರು ಹಾಗೂ ಅಧಿಕಾರಿಗಳು ಉಪಸ್ಥಿತರಿದ್ದರು. ಅವರು ಶಿಕ್ಷಣ ಗುಣಮಟ್ಟ
ನಿಮ್ಮ ಸೇವೆಗೆ
ಕಾಂಚನ (ಕಿರಣ) ಕ್ಲಿನಿಕ್
Piles Care Center
Dr. M. SAVITA B.A.M.S, AD, F.A.A.P.N.A (USA)
Dr.M KANCHANA
Since 1976
ಶಸ್ತ್ರ ಚಿಕಿತ್ಸೆ ಇಲ್ಲದೇ ಮೂಲವ್ಯಾಧಿ ನಿವಾರಣೆ
ವೈತ್ಯಕೀಯಲ್ಲಿ 49 ವರ್ಷದ ಅನುಭವವುಳ್ಳ ಮೂಲವ್ಯಾಧಿ ನಾಸೂರ
ಹುಣ್ಣು ಫಿಶರ್ ಭಗಿಂದ್ರತಿಸ್ತುಲ, ಗಂಡುಮಾಲೆ ಇನ್ನಿತರ ರೋಗಗಳಿಗೆ ಶಸ್ತ್ರ
ಚಿಕಿತ್ಸೆ ಇಲ್ಲದೇ ಆಯುರ್ವೇದ ಔಷಧ ಮೂಲಕ ಕೈಗೆಟುಕುವ ದರದಲ್ಲಿ
ಗುಣಪಡಿಸಲಾಗುವುದು. ಯಾವುದೇ ಪತ್ಯೆ ಇರುವುದಿಲ್ಲ
ಮಹಿಳೆಯರಿಗೆ ಮಹಿಳಾ ವೈದ್ಯರು ಹಾಗೂ ಪುರುಷರಿಗೆ ಪುರುಷ ವೈದ್ಯರು ಚಿಕಿತ್ಸೆ ನೀಡುತ್ತಾರೆ
ಭೇಟಿಯಾಗುವ ಸಮಯ ಬೆಳಿಗ್ಗೆ 10.30 ರಿಂದ 2.30 ಗಂಟೆ
ಸಾಯಂಕಾಲ 6 ರಿಂದ 9.30 ವರೆಗೆ ಭಾನುವಾರ 10.30 ರಿಂದ 2.00 ರವರೆಗೆ
ಸಂಪರ್ಕಿಸಿ:ಕಾಂಚನ ಕ್ಲಿನಿಕ್ ಜಯತೀರ್ಥ ಎಮ್.ಡಿ ರಾಜ್ ಕಾಂಪ್ಲೆಕ್ಸ್ ಪಕ್ಕದ
ಬಿ-ವಾನ್-ಶಾಹಿ ಏರಿಯಾ, ಕಲಬುರಗಿ.
M: 9886441599
DIVINE INSTITUTE
OF NURSING SCIENCE
Behind Stadium,Near DDPI Office,
Kalaburagi-585102 www.divineglb.com
(Recognised by Indian
Nursing Council- INC)
ADMISSION OPEN GNM & BSc Nursing
Eligibility:
PUC Pass with 45% in PUC Science for BSc
Nursing PUC Pass with 40 % in Science,
Arts or Commerce for GNM
Contact:636117532,08472 263442
B:54 E:20.06.2026	B:198 E:25.01.2026
